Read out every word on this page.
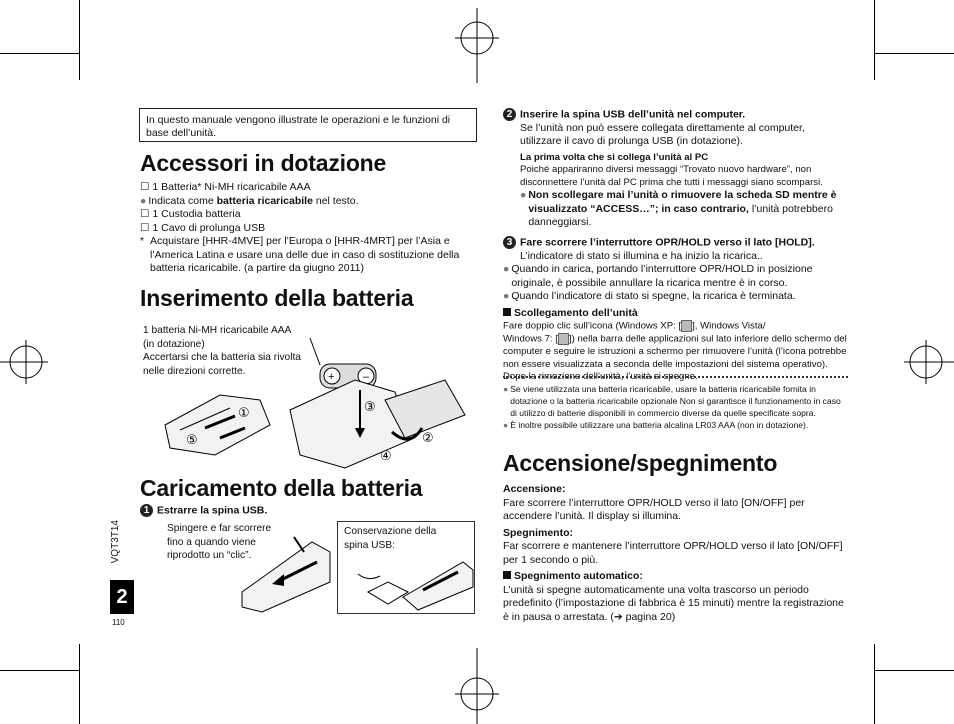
In questo manuale vengono illustrate le operazioni e le funzioni di base dell’unità.
Accessori in dotazione
☐ 1 Batteria* Ni-MH ricaricabile AAA
● Indicata come batteria ricaricabile nel testo.
☐ 1 Custodia batteria
☐ 1 Cavo di prolunga USB
* Acquistare [HHR-4MVE] per l’Europa o [HHR-4MRT] per l’Asia e l’America Latina e usare una delle due in caso di sostituzione della batteria ricaricabile. (a partire da giugno 2011)
Inserimento della batteria
1 batteria Ni-MH ricaricabile AAA
(in dotazione)
Accertarsi che la batteria sia rivolta
nelle direzioni corrette.	+	–
①
⑤
③
②
④
Caricamento della batteria
1 Estrarre la spina USB.
Spingere e far scorrere
fino a quando viene
riprodotto un “clic”.
Conservazione della
spina USB:
VQT3T14
2
110
2 Inserire la spina USB dell’unità nel computer.
Se l’unità non può essere collegata direttamente al computer, utilizzare il cavo di prolunga USB (in dotazione).
La prima volta che si collega l’unità al PC
Poiché appariranno diversi messaggi “Trovato nuovo hardware”, non disconnettere l’unità dal PC prima che tutti i messaggi siano scomparsi.
● Non scollegare mai l’unità o rimuovere la scheda SD mentre è visualizzato “ACCESS…”; in caso contrario, l’unità potrebbero danneggiarsi.
3 Fare scorrere l’interruttore OPR/HOLD verso il lato [HOLD].
L’indicatore di stato si illumina e ha inizio la ricarica..
● Quando in carica, portando l’interruttore OPR/HOLD in posizione originale, è possibile annullare la ricarica mentre è in corso.
● Quando l’indicatore di stato si spegne, la ricarica è terminata.
Scollegamento dell’unità
Fare doppio clic sull’icona (Windows XP: [ ], Windows Vista/
Windows 7: [ ]) nella barra delle applicazioni sul lato inferiore dello schermo del computer e seguire le istruzioni a schermo per rimuovere l’unità (l’icona potrebbe non essere visualizzata a seconda delle impostazioni del sistema operativo). Dopo la rimozione dell’unità, l’unità si spegne.
● Se viene utilizzata una batteria ricaricabile, usare la batteria ricaricabile fornita in dotazione o la batteria ricaricabile opzionale Non si garantisce il funzionamento in caso di utilizzo di batterie disponibili in commercio diverse da quelle specificate sopra.
● È inoltre possibile utilizzare una batteria alcalina LR03 AAA (non in dotazione).
Accensione/spegnimento
Accensione:
Fare scorrere l’interruttore OPR/HOLD verso il lato [ON/OFF] per accendere l’unità. Il display si illumina.
Spegnimento:
Far scorrere e mantenere l’interruttore OPR/HOLD verso il lato [ON/OFF] per 1 secondo o più.
Spegnimento automatico:
L’unità si spegne automaticamente una volta trascorso un periodo predefinito (l’impostazione di fabbrica è 15 minuti) mentre la registrazione è in pausa o arrestata. (➔ pagina 20)
